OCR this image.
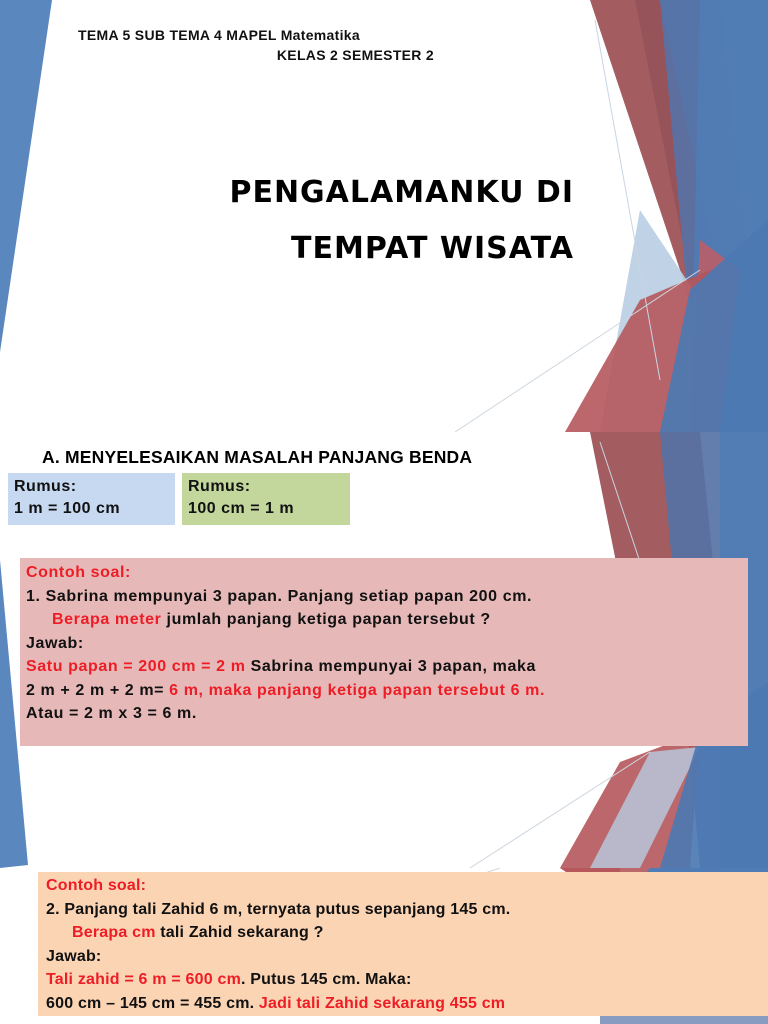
TEMA 5 SUB TEMA 4 MAPEL Matematika
KELAS 2 SEMESTER 2
PENGALAMANKU DI
TEMPAT WISATA
A. MENYELESAIKAN MASALAH PANJANG BENDA
Rumus:
1 m = 100 cm
Rumus:
100 cm = 1 m
Contoh soal:
1. Sabrina mempunyai 3 papan. Panjang setiap papan 200 cm.
Berapa meter jumlah panjang ketiga papan tersebut ?
Jawab:
Satu papan = 200 cm = 2 m Sabrina mempunyai 3 papan, maka
2 m + 2 m + 2 m= 6 m, maka panjang ketiga papan tersebut 6 m.
Atau = 2 m x 3 = 6 m.
Contoh soal:
2. Panjang tali Zahid 6 m, ternyata putus sepanjang 145 cm.
Berapa cm tali Zahid sekarang ?
Jawab:
Tali zahid = 6 m = 600 cm. Putus 145 cm. Maka:
600 cm – 145 cm = 455 cm. Jadi tali Zahid sekarang 455 cm
